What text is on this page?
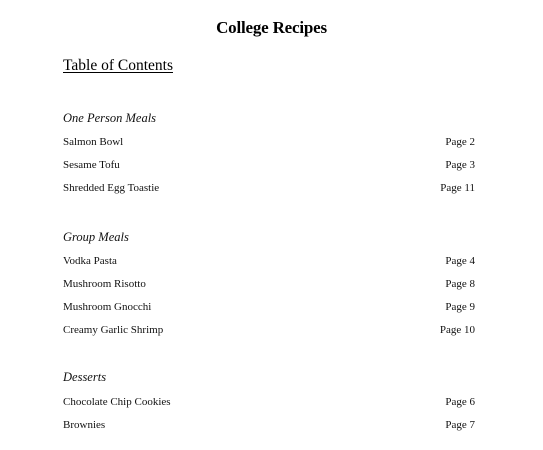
College Recipes
Table of Contents
One Person Meals
Salmon Bowl	Page 2
Sesame Tofu	Page 3
Shredded Egg Toastie	Page 11
Group Meals
Vodka Pasta	Page 4
Mushroom Risotto	Page 8
Mushroom Gnocchi	Page 9
Creamy Garlic Shrimp	Page 10
Desserts
Chocolate Chip Cookies	Page 6
Brownies	Page 7
